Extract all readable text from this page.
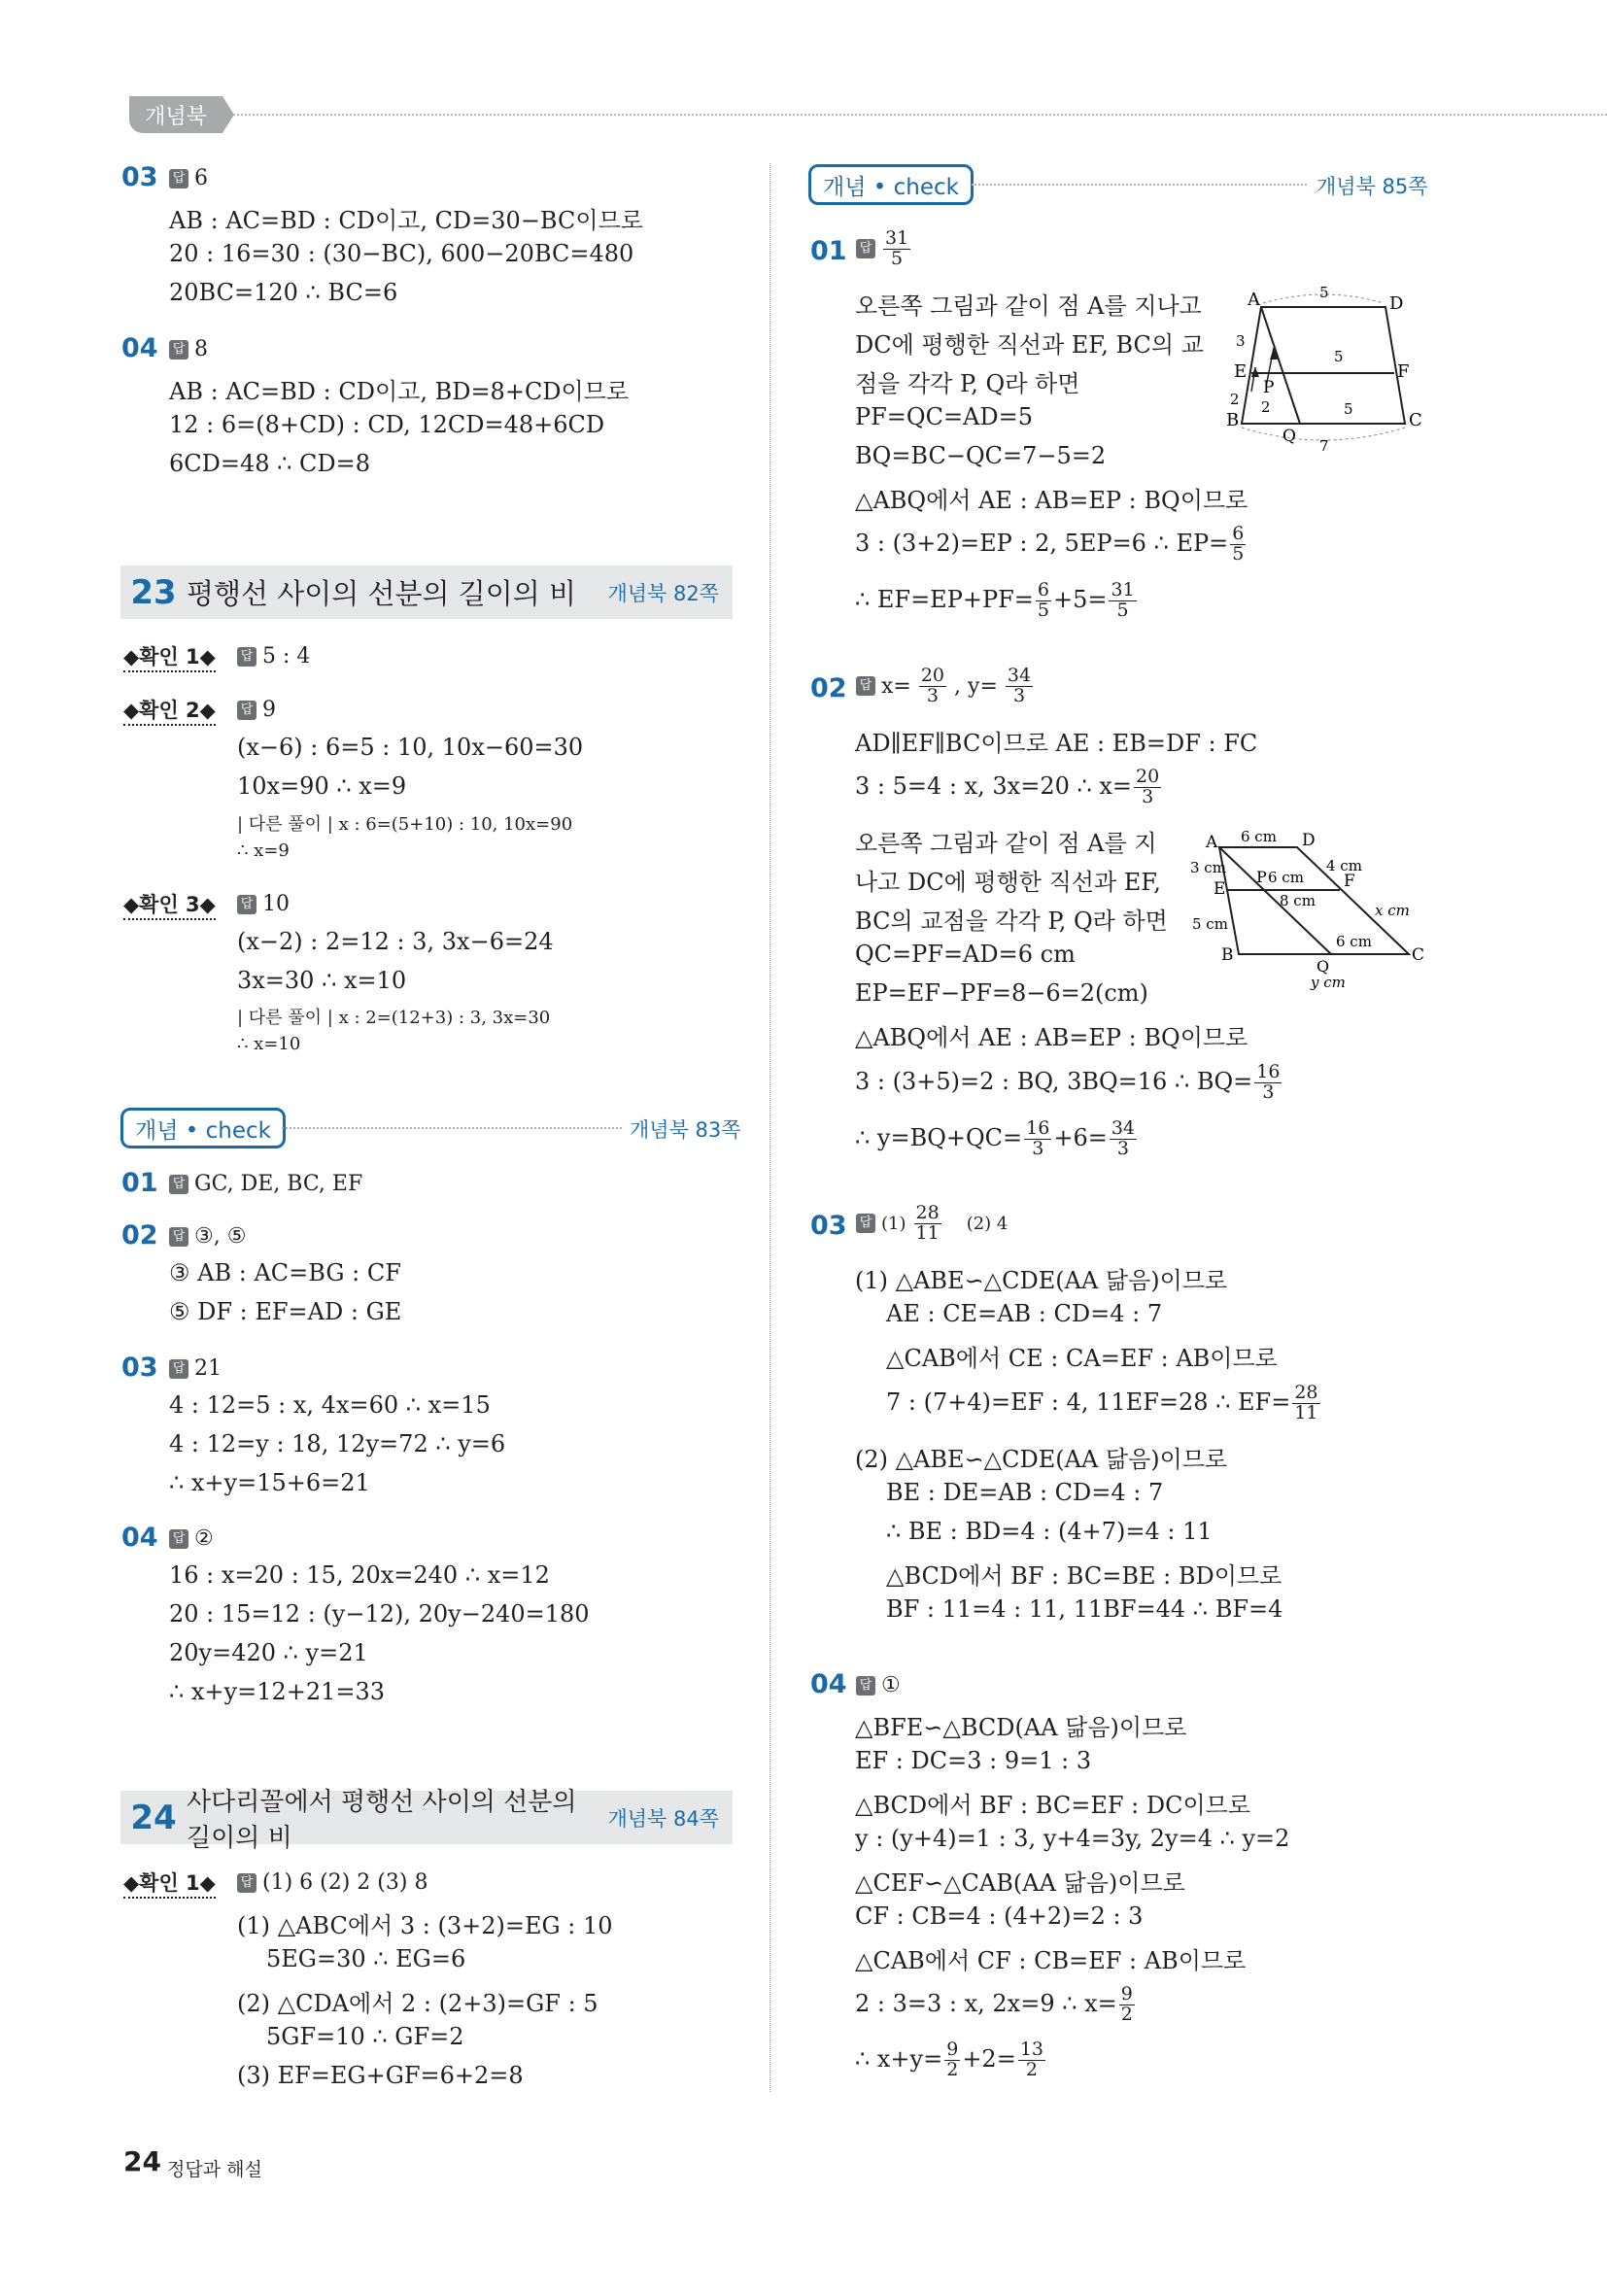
개념북
03 답 6
AB : AC=BD : CD이고, CD=30−BC이므로
20 : 16=30 : (30−BC), 600−20BC=480
20BC=120 ∴ BC=6
04 답 8
AB : AC=BD : CD이고, BD=8+CD이므로
12 : 6=(8+CD) : CD, 12CD=48+6CD
6CD=48 ∴ CD=8
23 평행선 사이의 선분의 길이의 비	개념북 82쪽
◆확인 1◆ 답 5 : 4
◆확인 2◆ 답 9
(x−6) : 6=5 : 10, 10x−60=30
10x=90 ∴ x=9
| 다른 풀이 | x : 6=(5+10) : 10, 10x=90
∴ x=9
◆확인 3◆ 답 10
(x−2) : 2=12 : 3, 3x−6=24
3x=30 ∴ x=10
| 다른 풀이 | x : 2=(12+3) : 3, 3x=30
∴ x=10
개념 • check	개념북 83쪽
01 답 GC, DE, BC, EF
02 답 ③, ⑤
③ AB : AC=BG : CF
⑤ DF : EF=AD : GE
03 답 21
4 : 12=5 : x, 4x=60 ∴ x=15
4 : 12=y : 18, 12y=72 ∴ y=6
∴ x+y=15+6=21
04 답 ②
16 : x=20 : 15, 20x=240 ∴ x=12
20 : 15=12 : (y−12), 20y−240=180
20y=420 ∴ y=21
∴ x+y=12+21=33
24 사다리꼴에서 평행선 사이의 선분의 길이의 비
개념북 84쪽
◆확인 1◆ 답 (1) 6 (2) 2 (3) 8
(1) △ABC에서 3 : (3+2)=EG : 10
5EG=30 ∴ EG=6
(2) △CDA에서 2 : (2+3)=GF : 5
5GF=10 ∴ GF=2
(3) EF=EG+GF=6+2=8
개념 • check	개념북 85쪽
01 답 $\frac{31}{5}$
오른쪽 그림과 같이 점 A를 지나고
DC에 평행한 직선과 EF, BC의 교
점을 각각 P, Q라 하면
PF=QC=AD=5
BQ=BC−QC=7−5=2
△ABQ에서 AE : AB=EP : BQ이므로
3 : (3+2)=EP : 2, 5EP=6 ∴ $EP= \frac{6}{5}$
∴ $EF=EP+PF= \frac{6}{5} +5= \frac{31}{5}$
A	D
E	F
B	C
P
Q
5
5
5
3
2 2
7
02 답 $x= \frac{20}{3}$ , $y= \frac{34}{3}$
AD∥EF∥BC이므로 AE : EB=DF : FC
3 : 5=4 : x, 3x=20 ∴ $x= \frac{20}{3}$
오른쪽 그림과 같이 점 A를 지
나고 DC에 평행한 직선과 EF,
BC의 교점을 각각 P, Q라 하면
QC=PF=AD=6 cm
EP=EF−PF=8−6=2(cm)
△ABQ에서 AE : AB=EP : BQ이므로
3 : (3+5)=2 : BQ, 3BQ=16 ∴ $BQ= \frac{16}{3}$
∴ $y=BQ+QC= \frac{16}{3} +6= \frac{34}{3}$
A	D
E	F
B	C
P
Q
6 cm
6 cm
6 cm
3 cm	4 cm
5 cm
8 cm
x cm
y cm
03 답 $(1) \frac{28}{11} (2)$ 4
(1) △ABE∽△CDE(AA 닮음)이므로
AE : CE=AB : CD=4 : 7
△CAB에서 CE : CA=EF : AB이므로
7 : (7+4)=EF : 4, 11EF=28 ∴ $EF= \frac{28}{11}$
(2) △ABE∽△CDE(AA 닮음)이므로
BE : DE=AB : CD=4 : 7
∴ BE : BD=4 : (4+7)=4 : 11
△BCD에서 BF : BC=BE : BD이므로
BF : 11=4 : 11, 11BF=44 ∴ BF=4
04 답 ①
△BFE∽△BCD(AA 닮음)이므로
EF : DC=3 : 9=1 : 3
△BCD에서 BF : BC=EF : DC이므로
y : (y+4)=1 : 3, y+4=3y, 2y=4 ∴ y=2
△CEF∽△CAB(AA 닮음)이므로
CF : CB=4 : (4+2)=2 : 3
△CAB에서 CF : CB=EF : AB이므로
2 : 3=3 : x, 2x=9 ∴ $x= \frac{9}{2}$
∴ $x+y= \frac{9}{2} +2= \frac{13}{2}$
24 정답과 해설
